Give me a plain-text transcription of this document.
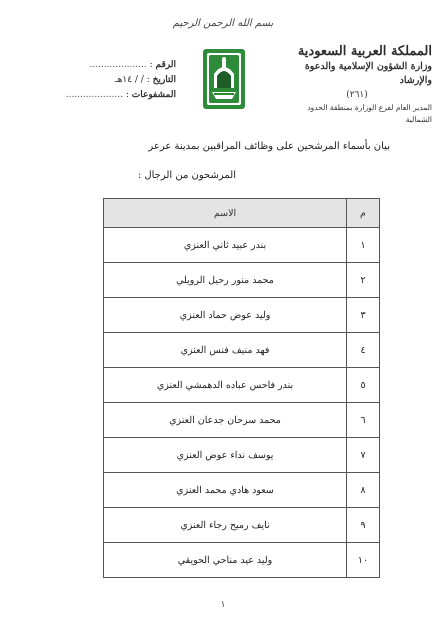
بسم الله الرحمن الرحيم
المملكة العربية السعودية
وزارة الشؤون الإسلامية والدعوة والإرشاد
(٢٦١)
المدير العام لفرع الوزارة بمنطقة الحدود الشمالية
الرقم : ....................
التاريخ : / / ١٤هـ
المشفوعات : ....................
بيان بأسماء المرشحين على وظائف المراقبين بمدينة عرعر
المرشحون من الرجال :
م	الاسم
١	بندر عبيد ثاني العنزي
٢	محمد منور رحيل الرويلي
٣	وليد عوض حماد العنزي
٤	فهد منيف فنس العنزي
٥	بندر فاحس عباده الدهمشي العنزي
٦	محمد سرحان جدعان العنزي
٧	يوسف نداء عوض العنزي
٨	سعود هادي محمد العنزي
٩	نايف رميح رجاء العنزي
١٠	وليد عيد مناحي الحويقي
١
